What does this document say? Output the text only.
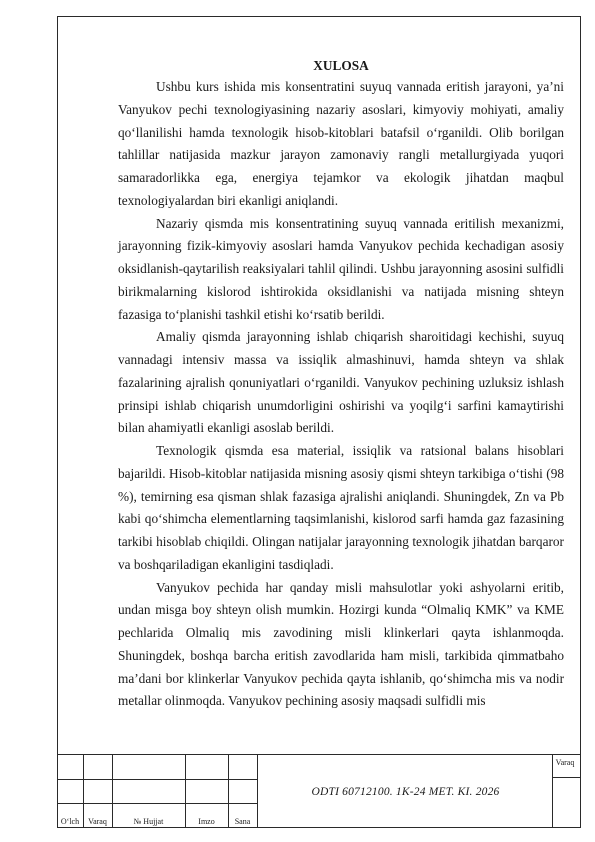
XULOSA

Ushbu kurs ishida mis konsentratini suyuq vannada eritish jarayoni, ya’ni Vanyukov pechi texnologiyasining nazariy asoslari, kimyoviy mohiyati, amaliy qo‘llanilishi hamda texnologik hisob-kitoblari batafsil o‘rganildi. Olib borilgan tahlillar natijasida mazkur jarayon zamonaviy rangli metallurgiyada yuqori samaradorlikka ega, energiya tejamkor va ekologik jihatdan maqbul texnologiyalardan biri ekanligi aniqlandi.

Nazariy qismda mis konsentratining suyuq vannada eritilish mexanizmi, jarayonning fizik-kimyoviy asoslari hamda Vanyukov pechida kechadigan asosiy oksidlanish-qaytarilish reaksiyalari tahlil qilindi. Ushbu jarayonning asosini sulfidli birikmalarning kislorod ishtirokida oksidlanishi va natijada misning shteyn fazasiga to‘planishi tashkil etishi ko‘rsatib berildi.

Amaliy qismda jarayonning ishlab chiqarish sharoitidagi kechishi, suyuq vannadagi intensiv massa va issiqlik almashinuvi, hamda shteyn va shlak fazalarining ajralish qonuniyatlari o‘rganildi. Vanyukov pechining uzluksiz ishlash prinsipi ishlab chiqarish unumdorligini oshirishi va yoqilg‘i sarfini kamaytirishi bilan ahamiyatli ekanligi asoslab berildi.

Texnologik qismda esa material, issiqlik va ratsional balans hisoblari bajarildi. Hisob-kitoblar natijasida misning asosiy qismi shteyn tarkibiga o‘tishi (98 %), temirning esa qisman shlak fazasiga ajralishi aniqlandi. Shuningdek, Zn va Pb kabi qo‘shimcha elementlarning taqsimlanishi, kislorod sarfi hamda gaz fazasining tarkibi hisoblab chiqildi. Olingan natijalar jarayonning texnologik jihatdan barqaror va boshqariladigan ekanligini tasdiqladi.

Vanyukov pechida har qanday misli mahsulotlar yoki ashyolarni eritib, undan misga boy shteyn olish mumkin. Hozirgi kunda “Olmaliq KMK” va KME pechlarida Olmaliq mis zavodining misli klinkerlari qayta ishlanmoqda. Shuningdek, boshqa barcha eritish zavodlarida ham misli, tarkibida qimmatbaho ma’dani bor klinkerlar Vanyukov pechida qayta ishlanib, qo‘shimcha mis va nodir metallar olinmoqda. Vanyukov pechining asosiy maqsadi sulfidli mis

O‘lch	Varaq	№ Hujjat	Imzo	Sana
ODTI 60712100. 1K-24 MET. KI. 2026
Varaq
